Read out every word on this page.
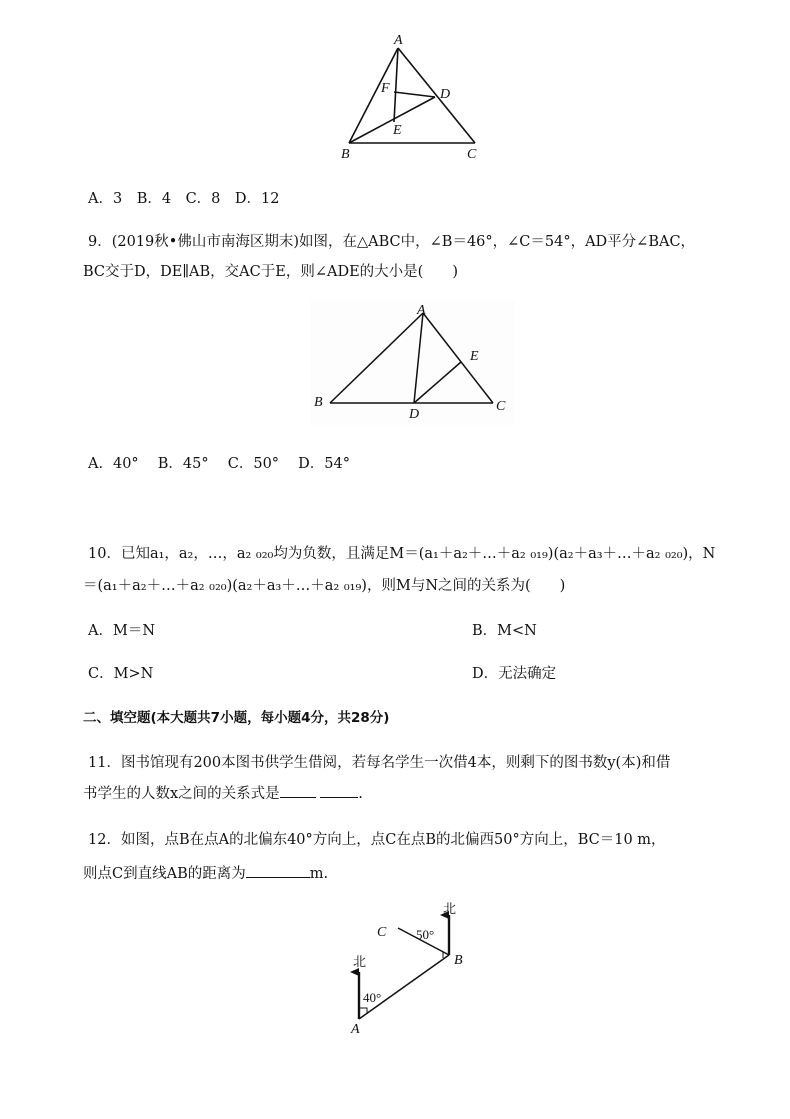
A
F	D
E
B	C
A．3　B．4　C．8　D．12
9．(2019秋•佛山市南海区期末)如图，在△ABC中，∠B＝46°，∠C＝54°，AD平分∠BAC，
BC交于D，DE∥AB，交AC于E，则∠ADE的大小是(　　)
A
E
B
D
C
A．40°　 B．45°　 C．50°　 D．54°
10．已知a₁，a₂，…，a₂ ₀₂₀均为负数，且满足M＝(a₁＋a₂＋…＋a₂ ₀₁₉)(a₂＋a₃＋…＋a₂ ₀₂₀)，N
＝(a₁＋a₂＋…＋a₂ ₀₂₀)(a₂＋a₃＋…＋a₂ ₀₁₉)，则M与N之间的关系为(　　)
A．M＝N	B．M<N
C．M>N	D．无法确定
二、填空题(本大题共7小题，每小题4分，共28分)
11．图书馆现有200本图书供学生借阅，若每名学生一次借4本，则剩下的图书数y(本)和借
书学生的人数x之间的关系式是	.
12．如图，点B在点A的北偏东40°方向上，点C在点B的北偏西50°方向上，BC＝10 m，
则点C到直线AB的距离为	m.
北
北
50°
40°
C
B
A
